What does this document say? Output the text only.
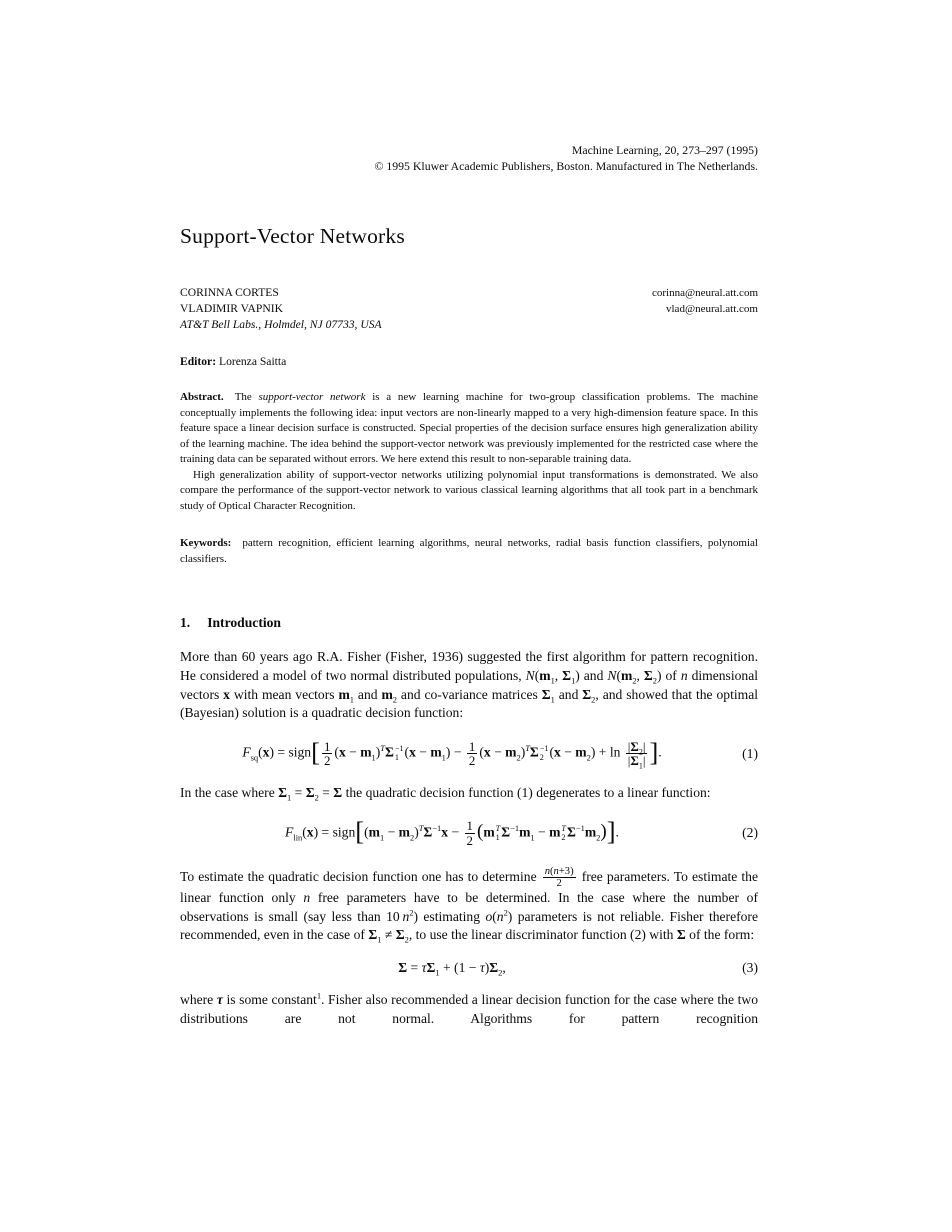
Machine Learning, 20, 273–297 (1995)
© 1995 Kluwer Academic Publishers, Boston. Manufactured in The Netherlands.
Support-Vector Networks
CORINNA CORTES	corinna@neural.att.com
VLADIMIR VAPNIK	vlad@neural.att.com
AT&T Bell Labs., Holmdel, NJ 07733, USA
Editor: Lorenza Saitta

Abstract.  The support-vector network is a new learning machine for two-group classification problems. The machine conceptually implements the following idea: input vectors are non-linearly mapped to a very high-dimension feature space. In this feature space a linear decision surface is constructed. Special properties of the decision surface ensures high generalization ability of the learning machine. The idea behind the support-vector network was previously implemented for the restricted case where the training data can be separated without errors. We here extend this result to non-separable training data.

High generalization ability of support-vector networks utilizing polynomial input transformations is demonstrated. We also compare the performance of the support-vector network to various classical learning algorithms that all took part in a benchmark study of Optical Character Recognition.

Keywords:  pattern recognition, efficient learning algorithms, neural networks, radial basis function classifiers, polynomial classifiers.
1. Introduction

More than 60 years ago R.A. Fisher (Fisher, 1936) suggested the first algorithm for pattern recognition. He considered a model of two normal distributed populations, $N(m_1$, $\Sigma_1$) and $N(m_2$, $\Sigma_2$) of n dimensional vectors x with mean vectors $m_1$ and $m_2$ and co-variance matrices $\Sigma_1$ and $\Sigma_2$, and showed that the optimal (Bayesian) solution is a quadratic decision function:

$F_{sq}(x)$ = sign[ $\frac{1}{2} (x - m_1)^T\Sigma -1$
1 $(x - m_1) - \frac{1}{2} (x - m_2)^T\Sigma -1$
2 $(x - m_2) + \ln \frac{|\Sigma_2|}{|\Sigma_1|}$ ].	(1)

In the case where $\Sigma_1 = \Sigma_2 = \Sigma$ the quadratic decision function (1) degenerates to a linear function:

$F_{lin}(x)$ = $sign[(m_1 - m_2)^T\Sigma^{-1}x - \frac{1}{2} (m$ T
1 $\Sigma^{-1}m_1 - m$ T
2 $\Sigma^{-1}m_2$)].	(2)

To estimate the quadratic decision function one has to determine $\frac{n(n+3)}{2}$ free parameters. To estimate the linear function only n free parameters have to be determined. In the case where the number of observations is small (say less than 10 $n^2$) estimating $o(n^2)$ parameters is not reliable. Fisher therefore recommended, even in the case of $\Sigma_1 \ne \Sigma_2$, to use the linear discriminator function (2) with Σ of the form:

$\Sigma = \tau\Sigma_1 + (1 - \tau)\Sigma_2$,	(3)

where τ is some constant$^1$. Fisher also recommended a linear decision function for the case where the two distributions are not normal. Algorithms for pattern recognition
